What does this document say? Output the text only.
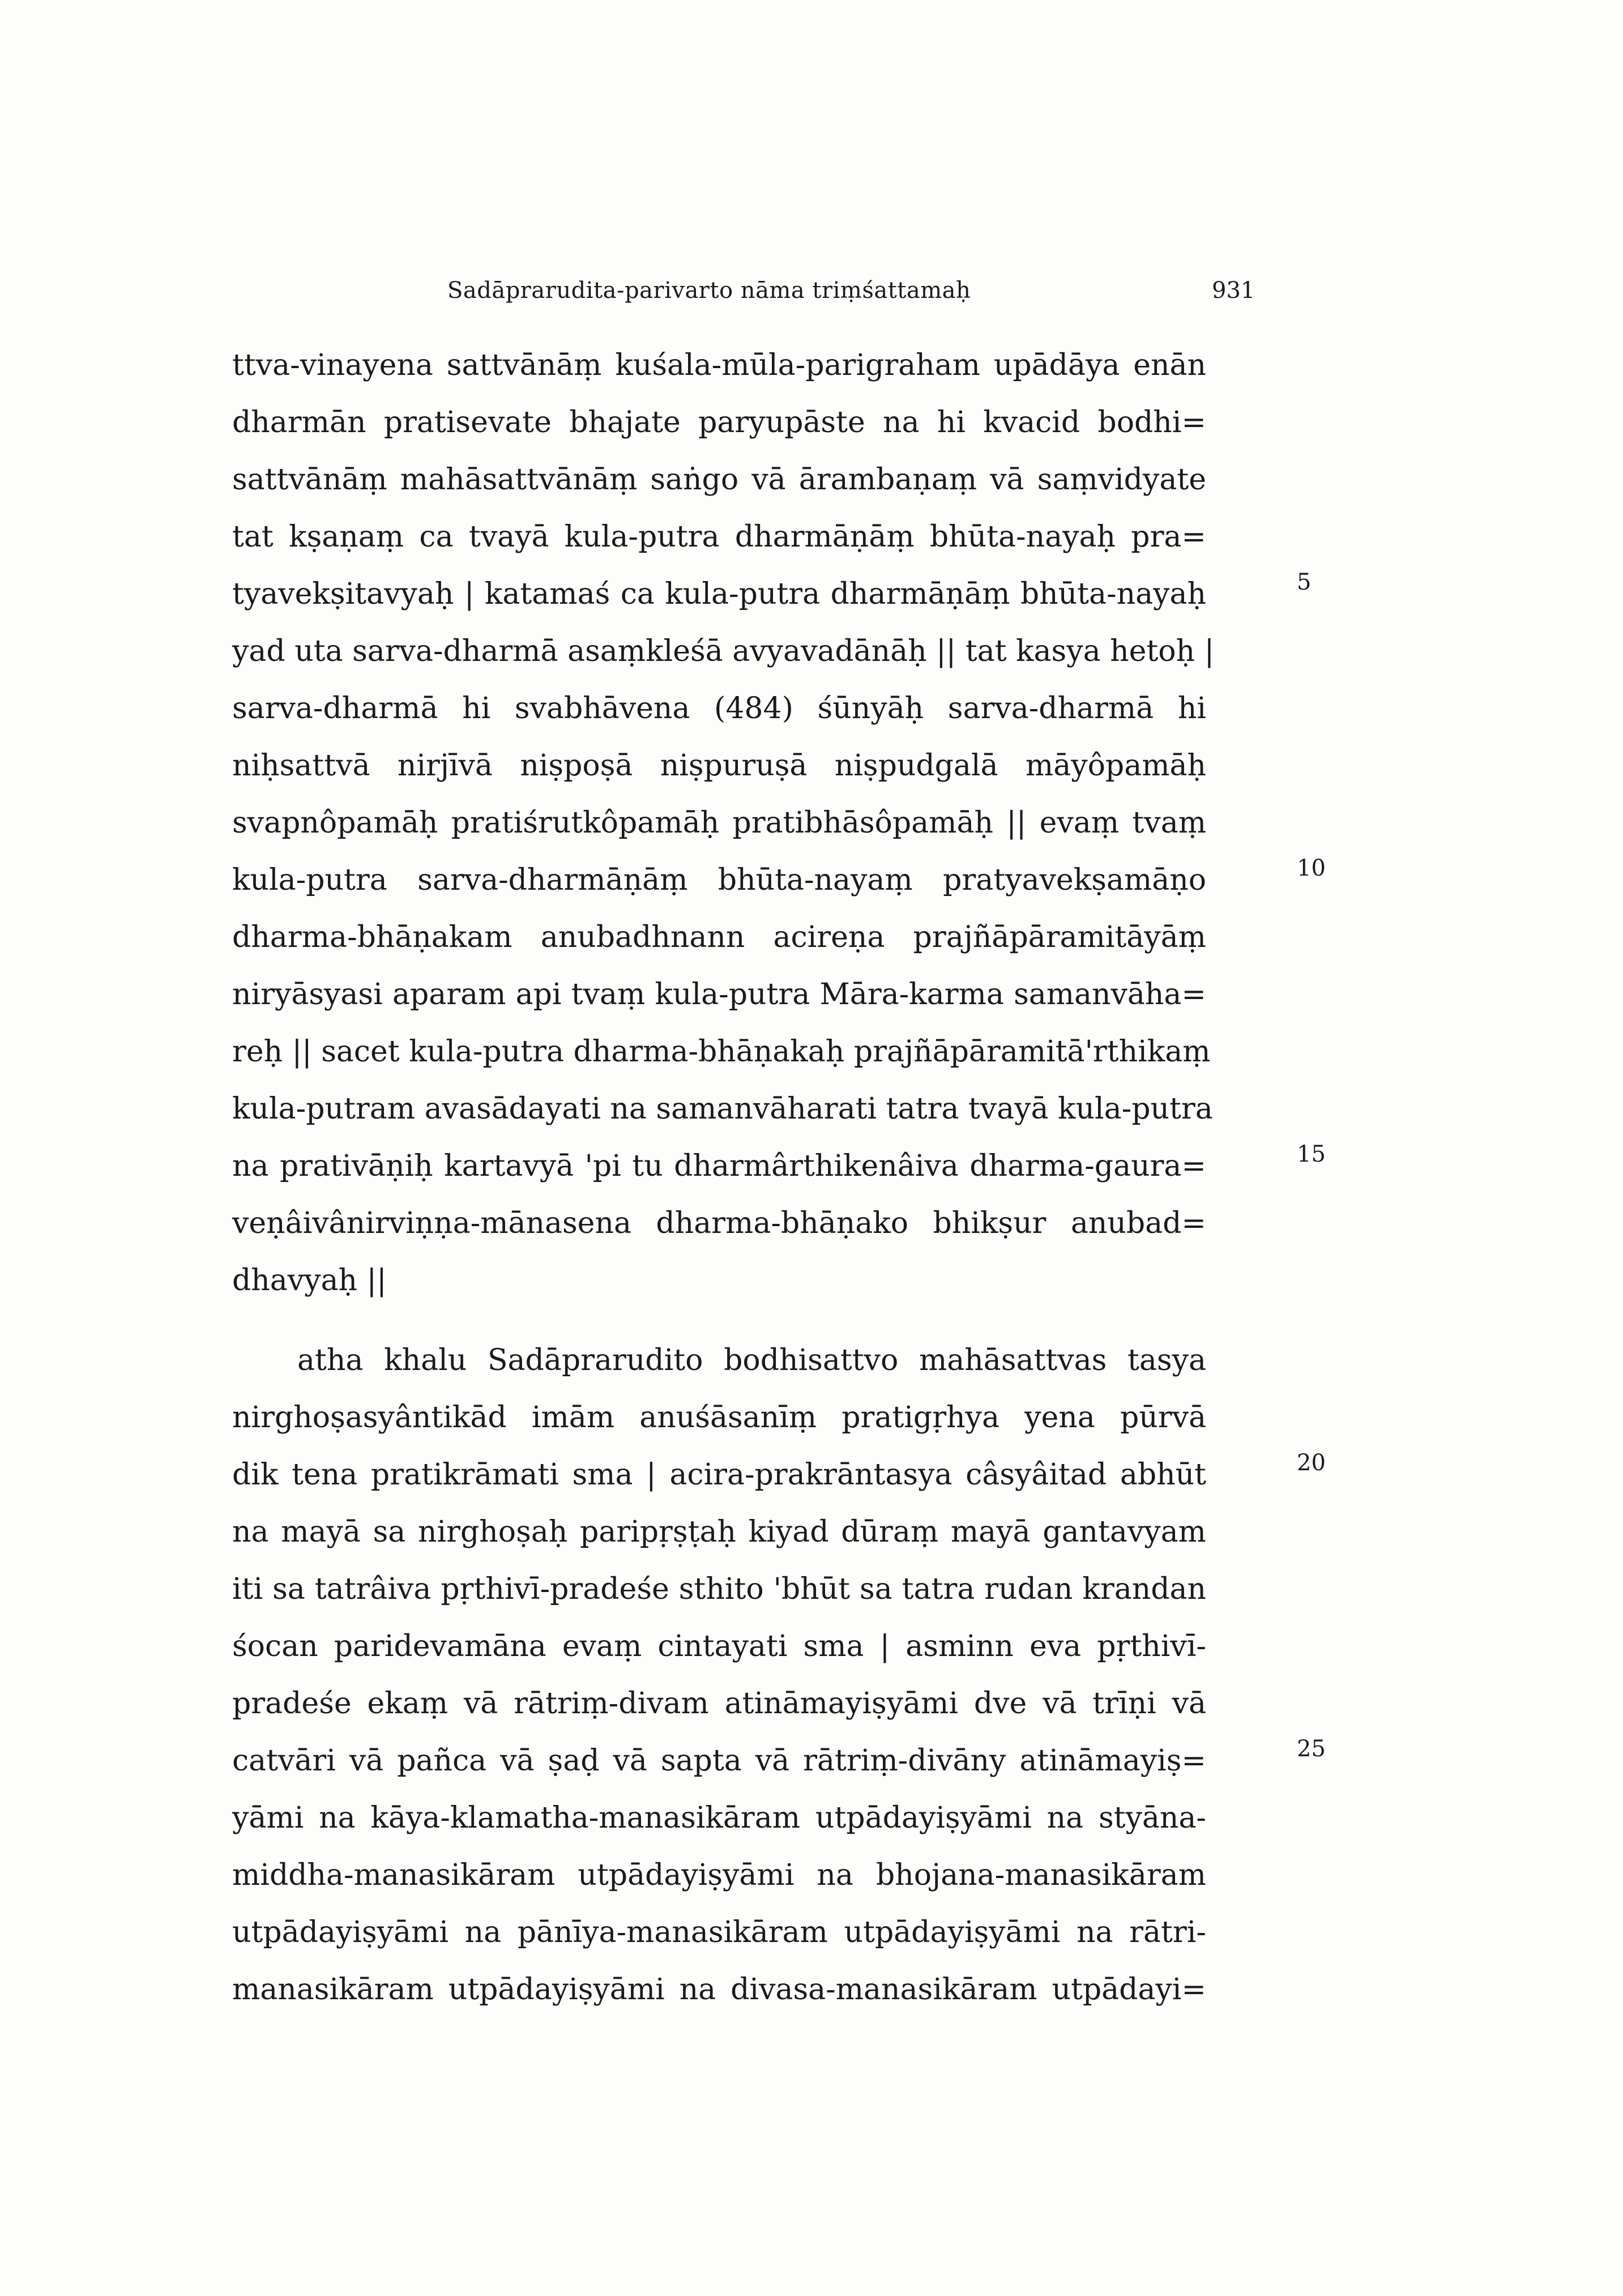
Sadāprarudita-parivarto nāma triṃśattamaḥ	931
ttva-vinayena sattvānāṃ kuśala-mūla-parigraham upādāya enān
dharmān pratisevate bhajate paryupāste na hi kvacid bodhi=
sattvānāṃ mahāsattvānāṃ saṅgo vā ārambaṇaṃ vā saṃvidyate
tat kṣaṇaṃ ca tvayā kula-putra dharmāṇāṃ bhūta-nayaḥ pra=
tyavekṣitavyaḥ | katamaś ca kula-putra dharmāṇāṃ bhūta-nayaḥ
yad uta sarva-dharmā asaṃkleśā avyavadānāḥ || tat kasya hetoḥ |
sarva-dharmā hi svabhāvena (484) śūnyāḥ sarva-dharmā hi
niḥsattvā nirjīvā niṣpoṣā niṣpuruṣā niṣpudgalā māyôpamāḥ
svapnôpamāḥ pratiśrutkôpamāḥ pratibhāsôpamāḥ || evaṃ tvaṃ
kula-putra sarva-dharmāṇāṃ bhūta-nayaṃ pratyavekṣamāṇo
dharma-bhāṇakam anubadhnann acireṇa prajñāpāramitāyāṃ
niryāsyasi aparam api tvaṃ kula-putra Māra-karma samanvāha=
reḥ || sacet kula-putra dharma-bhāṇakaḥ prajñāpāramitā'rthikaṃ
kula-putram avasādayati na samanvāharati tatra tvayā kula-putra
na prativāṇiḥ kartavyā 'pi tu dharmârthikenâiva dharma-gaura=
veṇâivânirviṇṇa-mānasena dharma-bhāṇako bhikṣur anubad=
dhavyaḥ ||
atha khalu Sadāprarudito bodhisattvo mahāsattvas tasya
nirghoṣasyântikād imām anuśāsanīṃ pratigṛhya yena pūrvā
dik tena pratikrāmati sma | acira-prakrāntasya câsyâitad abhūt
na mayā sa nirghoṣaḥ paripṛṣṭaḥ kiyad dūraṃ mayā gantavyam
iti sa tatrâiva pṛthivī-pradeśe sthito 'bhūt sa tatra rudan krandan
śocan paridevamāna evaṃ cintayati sma | asminn eva pṛthivī-
pradeśe ekaṃ vā rātriṃ-divam atināmayiṣyāmi dve vā trīṇi vā
catvāri vā pañca vā ṣaḍ vā sapta vā rātriṃ-divāny atināmayiṣ=
yāmi na kāya-klamatha-manasikāram utpādayiṣyāmi na styāna-
middha-manasikāram utpādayiṣyāmi na bhojana-manasikāram
utpādayiṣyāmi na pānīya-manasikāram utpādayiṣyāmi na rātri-
manasikāram utpādayiṣyāmi na divasa-manasikāram utpādayi=
5
10
15
20
25
